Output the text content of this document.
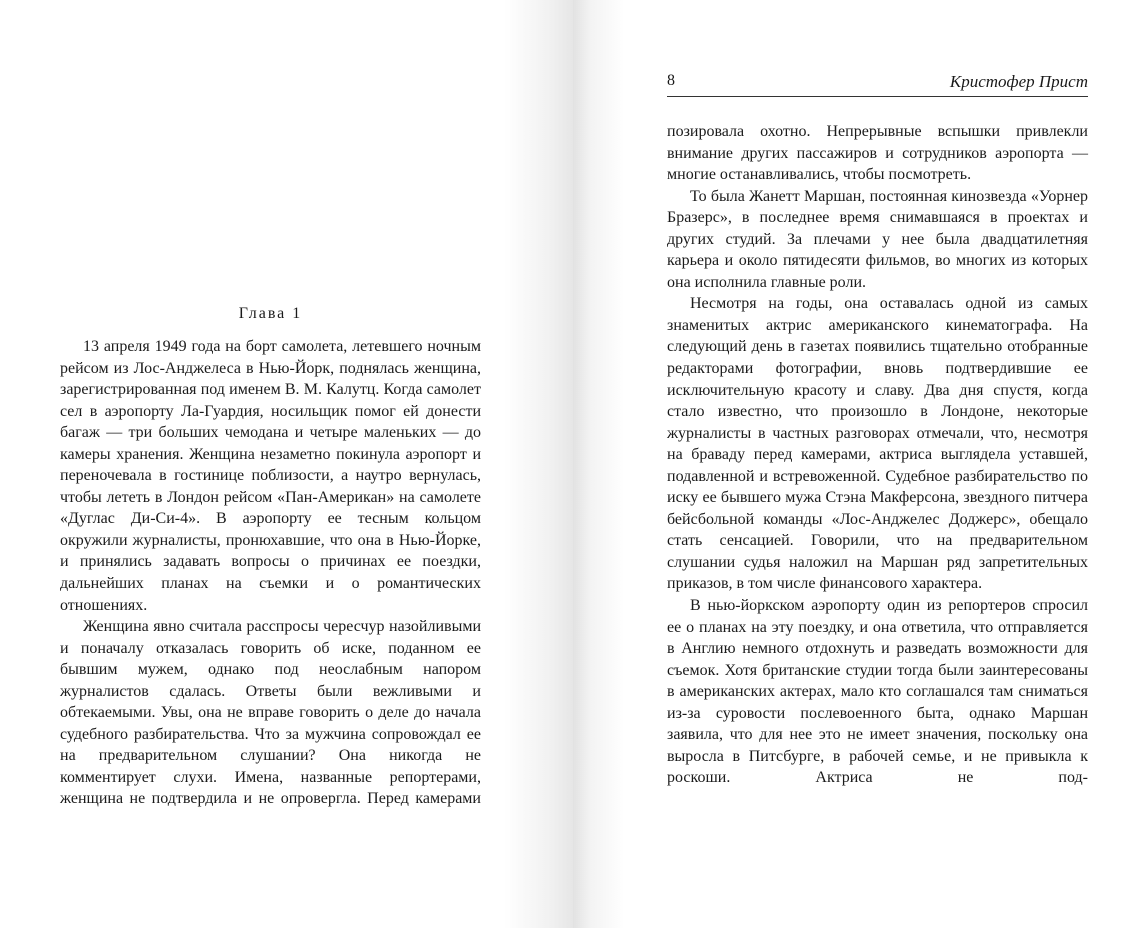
Глава 1

13 апреля 1949 года на борт самолета, летевшего ночным рейсом из Лос-Анджелеса в Нью-Йорк, поднялась женщина, зарегистрированная под именем В. М. Калутц. Когда самолет сел в аэропорту Ла-Гуардия, носильщик помог ей донести багаж — три больших чемодана и четыре маленьких — до камеры хранения. Женщина незаметно покинула аэропорт и переночевала в гостинице поблизости, а наутро вернулась, чтобы лететь в Лондон рейсом «Пан-Американ» на самолете «Дуглас Ди-Си-4». В аэропорту ее тесным кольцом окружили журналисты, пронюхавшие, что она в Нью-Йорке, и принялись задавать вопросы о причинах ее поездки, дальнейших планах на съемки и о романтических отношениях.

Женщина явно считала расспросы чересчур назойливыми и поначалу отказалась говорить об иске, поданном ее бывшим мужем, однако под неослабным напором журналистов сдалась. Ответы были вежливыми и обтекаемыми. Увы, она не вправе говорить о деле до начала судебного разбирательства. Что за мужчина сопровождал ее на предварительном слушании? Она никогда не комментирует слухи. Имена, названные репортерами, женщина не подтвердила и не опровергла. Перед камерами

8	Кристофер Прист

позировала охотно. Непрерывные вспышки привлекли внимание других пассажиров и сотрудников аэропорта — многие останавливались, чтобы посмотреть.

То была Жанетт Маршан, постоянная кинозвезда «Уорнер Бразерс», в последнее время снимавшаяся в проектах и других студий. За плечами у нее была двадцатилетняя карьера и около пятидесяти фильмов, во многих из которых она исполнила главные роли.

Несмотря на годы, она оставалась одной из самых знаменитых актрис американского кинематографа. На следующий день в газетах появились тщательно отобранные редакторами фотографии, вновь подтвердившие ее исключительную красоту и славу. Два дня спустя, когда стало известно, что произошло в Лондоне, некоторые журналисты в частных разговорах отмечали, что, несмотря на браваду перед камерами, актриса выглядела уставшей, подавленной и встревоженной. Судебное разбирательство по иску ее бывшего мужа Стэна Макферсона, звездного питчера бейсбольной команды «Лос-Анджелес Доджерс», обещало стать сенсацией. Говорили, что на предварительном слушании судья наложил на Маршан ряд запретительных приказов, в том числе финансового характера.

В нью-йоркском аэропорту один из репортеров спросил ее о планах на эту поездку, и она ответила, что отправляется в Англию немного отдохнуть и разведать возможности для съемок. Хотя британские студии тогда были заинтересованы в американских актерах, мало кто соглашался там сниматься из-за суровости послевоенного быта, однако Маршан заявила, что для нее это не имеет значения, поскольку она выросла в Питсбурге, в рабочей семье, и не привыкла к роскоши. Актриса не под-
